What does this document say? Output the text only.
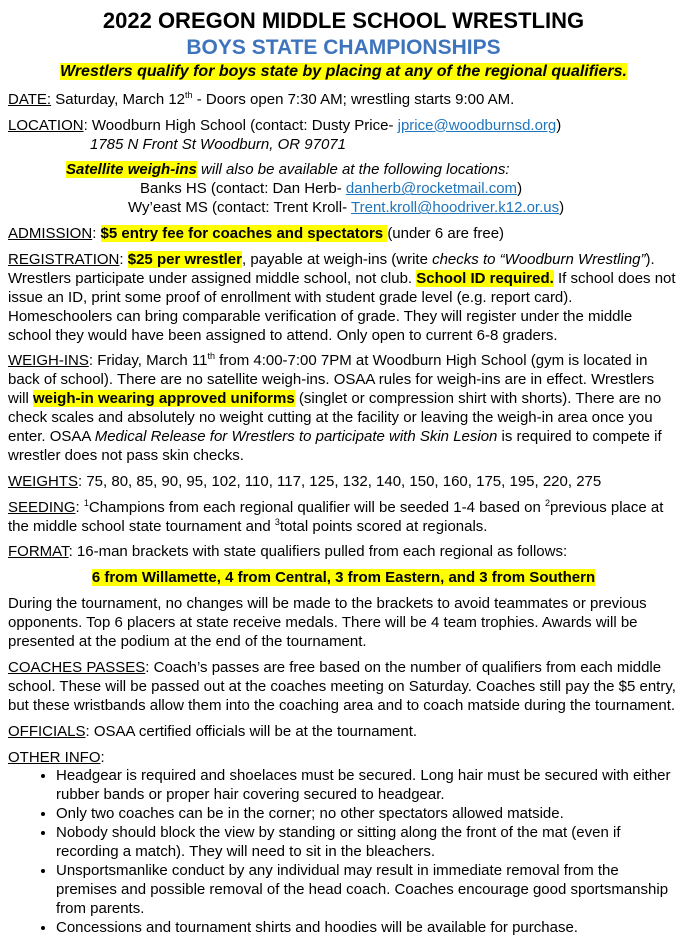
2022 OREGON MIDDLE SCHOOL WRESTLING
BOYS STATE CHAMPIONSHIPS
Wrestlers qualify for boys state by placing at any of the regional qualifiers.

DATE: Saturday, March 12th - Doors open 7:30 AM; wrestling starts 9:00 AM.

LOCATION: Woodburn High School (contact: Dusty Price- jprice@woodburnsd.org)
1785 N Front St Woodburn, OR 97071
Satellite weigh-ins will also be available at the following locations:
Banks HS (contact: Dan Herb- danherb@rocketmail.com)
Wy’east MS (contact: Trent Kroll- Trent.kroll@hoodriver.k12.or.us)

ADMISSION: $5 entry fee for coaches and spectators (under 6 are free)

REGISTRATION: $25 per wrestler, payable at weigh-ins (write checks to “Woodburn Wrestling”). Wrestlers participate under assigned middle school, not club. School ID required. If school does not issue an ID, print some proof of enrollment with student grade level (e.g. report card). Homeschoolers can bring comparable verification of grade. They will register under the middle school they would have been assigned to attend. Only open to current 6-8 graders.

WEIGH-INS: Friday, March 11th from 4:00-7:00 7PM at Woodburn High School (gym is located in back of school). There are no satellite weigh-ins. OSAA rules for weigh-ins are in effect. Wrestlers will weigh-in wearing approved uniforms (singlet or compression shirt with shorts). There are no check scales and absolutely no weight cutting at the facility or leaving the weigh-in area once you enter. OSAA Medical Release for Wrestlers to participate with Skin Lesion is required to compete if wrestler does not pass skin checks.

WEIGHTS: 75, 80, 85, 90, 95, 102, 110, 117, 125, 132, 140, 150, 160, 175, 195, 220, 275

SEEDING: $^1$Champions from each regional qualifier will be seeded 1-4 based on $^2$previous place at the middle school state tournament and $^3$total points scored at regionals.

FORMAT: 16-man brackets with state qualifiers pulled from each regional as follows:

6 from Willamette, 4 from Central, 3 from Eastern, and 3 from Southern

During the tournament, no changes will be made to the brackets to avoid teammates or previous opponents. Top 6 placers at state receive medals. There will be 4 team trophies. Awards will be presented at the podium at the end of the tournament.

COACHES PASSES: Coach’s passes are free based on the number of qualifiers from each middle school. These will be passed out at the coaches meeting on Saturday. Coaches still pay the $5 entry, but these wristbands allow them into the coaching area and to coach matside during the tournament.

OFFICIALS: OSAA certified officials will be at the tournament.

OTHER INFO:
• Headgear is required and shoelaces must be secured. Long hair must be secured with either rubber bands or proper hair covering secured to headgear.
• Only two coaches can be in the corner; no other spectators allowed matside.
• Nobody should block the view by standing or sitting along the front of the mat (even if recording a match). They will need to sit in the bleachers.
• Unsportsmanlike conduct by any individual may result in immediate removal from the premises and possible removal of the head coach. Coaches encourage good sportsmanship from parents.
• Concessions and tournament shirts and hoodies will be available for purchase.
